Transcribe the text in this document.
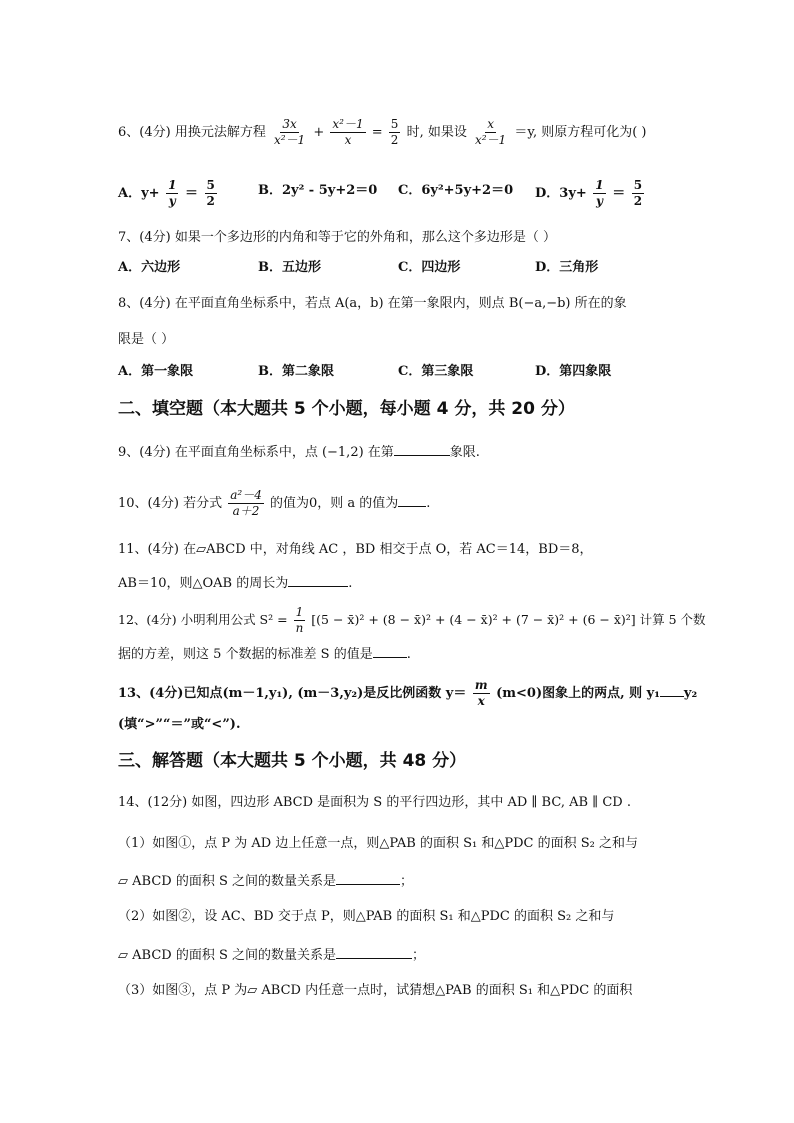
6、(4分) 用换元法解方程 $\frac{3x}{\text{x²－1}} + \frac{\text{x²－1}}{x} = \frac{5}{2}$ 时, 如果设 $\frac{x}{\text{x²－1}} =y$, 则原方程可化为( )
A．$y+ \frac{1}{y} = \frac{5}{2}$	B．2y² - 5y+2＝0 C．6y²+5y+2＝0 D．$3y+ \frac{1}{y} = \frac{5}{2}$
7、(4分) 如果一个多边形的内角和等于它的外角和，那么这个多边形是（ ）
A．六边形	B．五边形	C．四边形	D．三角形
8、(4分) 在平面直角坐标系中，若点 A(a，b) 在第一象限内，则点 B(−a,−b) 所在的象
限是（ ）
A．第一象限	B．第二象限	C．第三象限	D．第四象限
二、填空题（本大题共 5 个小题，每小题 4 分，共 20 分）
9、(4分) 在平面直角坐标系中，点 (−1,2) 在第	象限.
10、(4分) 若分式 $\frac{\text{a²－4}}{a+2}$ 的值为0，则 a 的值为 .
11、(4分) 在▱ABCD 中，对角线 AC ，BD 相交于点 O，若 AC＝14，BD＝8，
AB＝10，则△OAB 的周长为	.
12、(4分) 小明利用公式 $S^2 = \frac{1}{n} [(5$ − x̄)² + (8 − x̄)² + (4 − x̄)² + (7 − x̄)² + (6 − x̄)²] 计算 5 个数
据的方差，则这 5 个数据的标准差 S 的值是	.
13、(4分)已知点(m－1,y₁), (m－3,y₂)是反比例函数 $y= \frac{m}{x} (m<0)$图象上的两点, 则 y₁ y₂
(填“>”“＝”或“<”).
三、解答题（本大题共 5 个小题，共 48 分）
14、(12分) 如图，四边形 ABCD 是面积为 S 的平行四边形，其中 AD ∥ BC, AB ∥ CD .
（1）如图①，点 P 为 AD 边上任意一点，则△PAB 的面积 S₁ 和△PDC 的面积 S₂ 之和与
▱ ABCD 的面积 S 之间的数量关系是	；
（2）如图②，设 AC、BD 交于点 P，则△PAB 的面积 S₁ 和△PDC 的面积 S₂ 之和与
▱ ABCD 的面积 S 之间的数量关系是	；
（3）如图③，点 P 为▱ ABCD 内任意一点时，试猜想△PAB 的面积 S₁ 和△PDC 的面积
